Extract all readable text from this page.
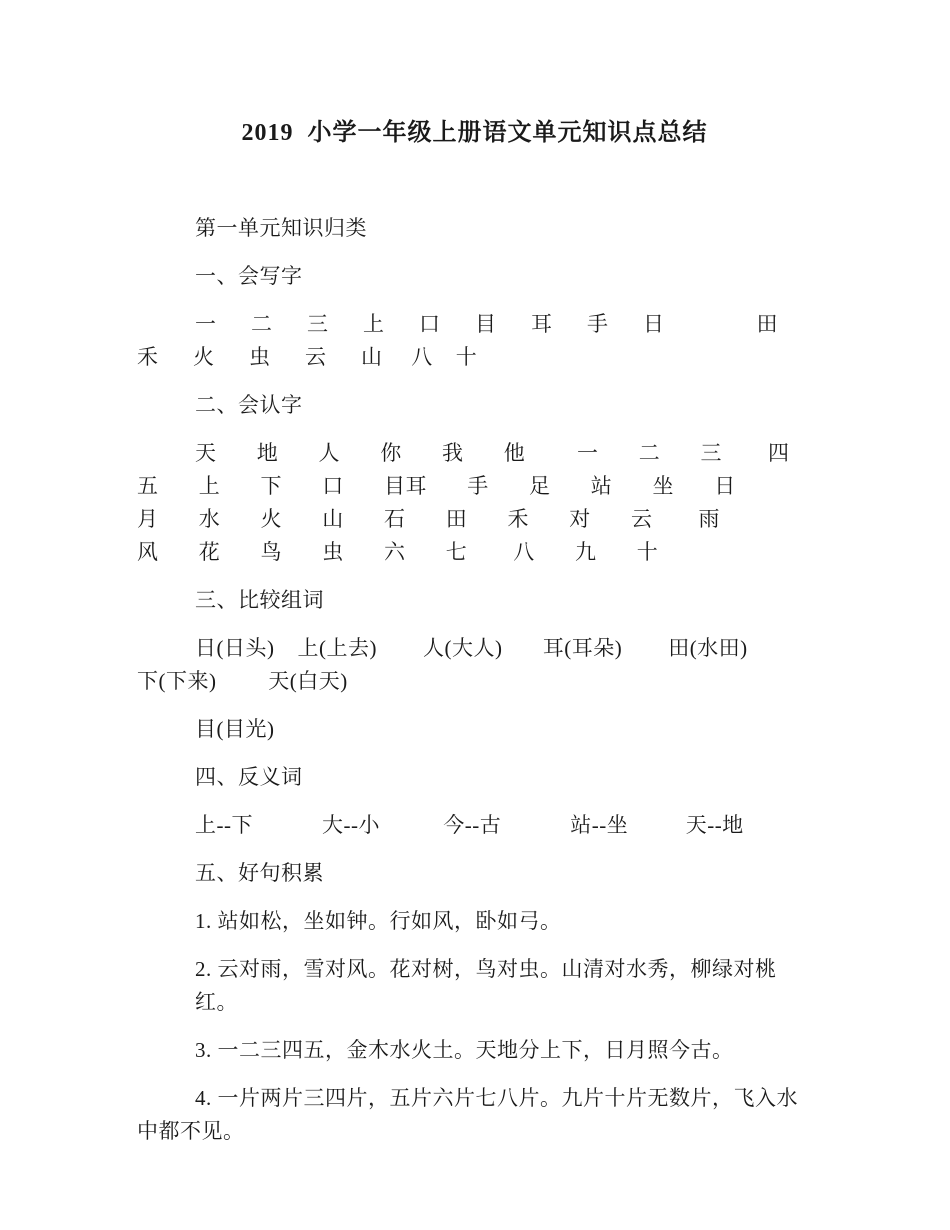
2019  小学一年级上册语文单元知识点总结
第一单元知识归类
一、会写字
一      二      三      上      口      目      耳      手      日                田
禾      火      虫      云      山     八    十
二、会认字
天       地       人       你       我       他         一       二       三        四
五       上       下       口       目耳       手       足       站       坐       日
月       水       火       山       石       田       禾       对       云        雨
风       花       鸟       虫       六       七        八       九       十
三、比较组词
日(日头)    上(上去)        人(大人)       耳(耳朵)        田(水田)
下(下来)         天(白天)
目(目光)
四、反义词
上--下            大--小           今--古            站--坐          天--地
五、好句积累
1. 站如松，坐如钟。行如风，卧如弓。
2. 云对雨，雪对风。花对树，鸟对虫。山清对水秀，柳绿对桃红。
3. 一二三四五，金木水火土。天地分上下，日月照今古。
4. 一片两片三四片，五片六片七八片。九片十片无数片，飞入水
中都不见。
